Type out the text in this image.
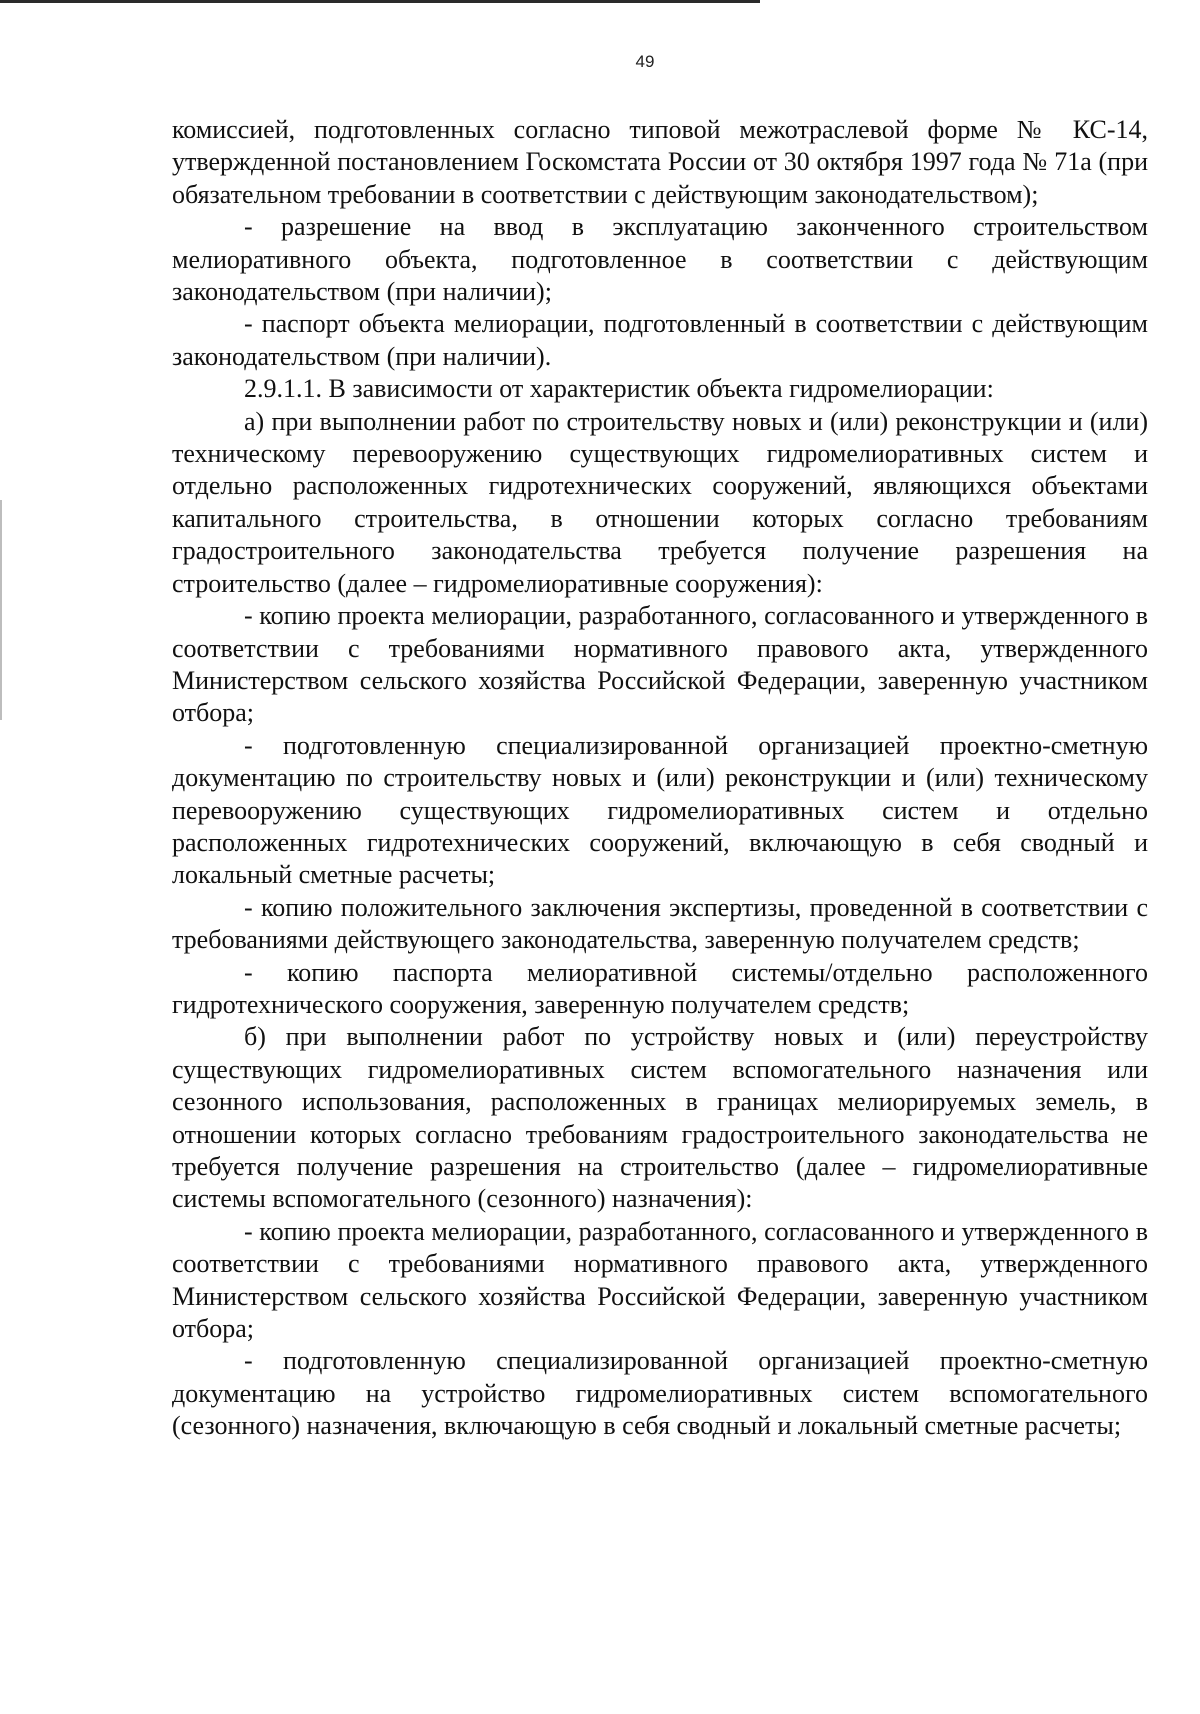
49

комиссией, подготовленных согласно типовой межотраслевой форме № КС-14, утвержденной постановлением Госкомстата России от 30 октября 1997 года № 71а (при обязательном требовании в соответствии с действующим законодательством);

- разрешение на ввод в эксплуатацию законченного строительством мелиоративного объекта, подготовленное в соответствии с действующим законодательством (при наличии);

- паспорт объекта мелиорации, подготовленный в соответствии с действующим законодательством (при наличии).

2.9.1.1. В зависимости от характеристик объекта гидромелиорации:

а) при выполнении работ по строительству новых и (или) реконструкции и (или) техническому перевооружению существующих гидромелиоративных систем и отдельно расположенных гидротехнических сооружений, являющихся объектами капитального строительства, в отношении которых согласно требованиям градостроительного законодательства требуется получение разрешения на строительство (далее – гидромелиоративные сооружения):

- копию проекта мелиорации, разработанного, согласованного и утвержденного в соответствии с требованиями нормативного правового акта, утвержденного Министерством сельского хозяйства Российской Федерации, заверенную участником отбора;

- подготовленную специализированной организацией проектно-сметную документацию по строительству новых и (или) реконструкции и (или) техническому перевооружению существующих гидромелиоративных систем и отдельно расположенных гидротехнических сооружений, включающую в себя сводный и локальный сметные расчеты;

- копию положительного заключения экспертизы, проведенной в соответствии с требованиями действующего законодательства, заверенную получателем средств;

- копию паспорта мелиоративной системы/отдельно расположенного гидротехнического сооружения, заверенную получателем средств;

б) при выполнении работ по устройству новых и (или) переустройству существующих гидромелиоративных систем вспомогательного назначения или сезонного использования, расположенных в границах мелиорируемых земель, в отношении которых согласно требованиям градостроительного законодательства не требуется получение разрешения на строительство (далее – гидромелиоративные системы вспомогательного (сезонного) назначения):

- копию проекта мелиорации, разработанного, согласованного и утвержденного в соответствии с требованиями нормативного правового акта, утвержденного Министерством сельского хозяйства Российской Федерации, заверенную участником отбора;

- подготовленную специализированной организацией проектно-сметную документацию на устройство гидромелиоративных систем вспомогательного (сезонного) назначения, включающую в себя сводный и локальный сметные расчеты;
